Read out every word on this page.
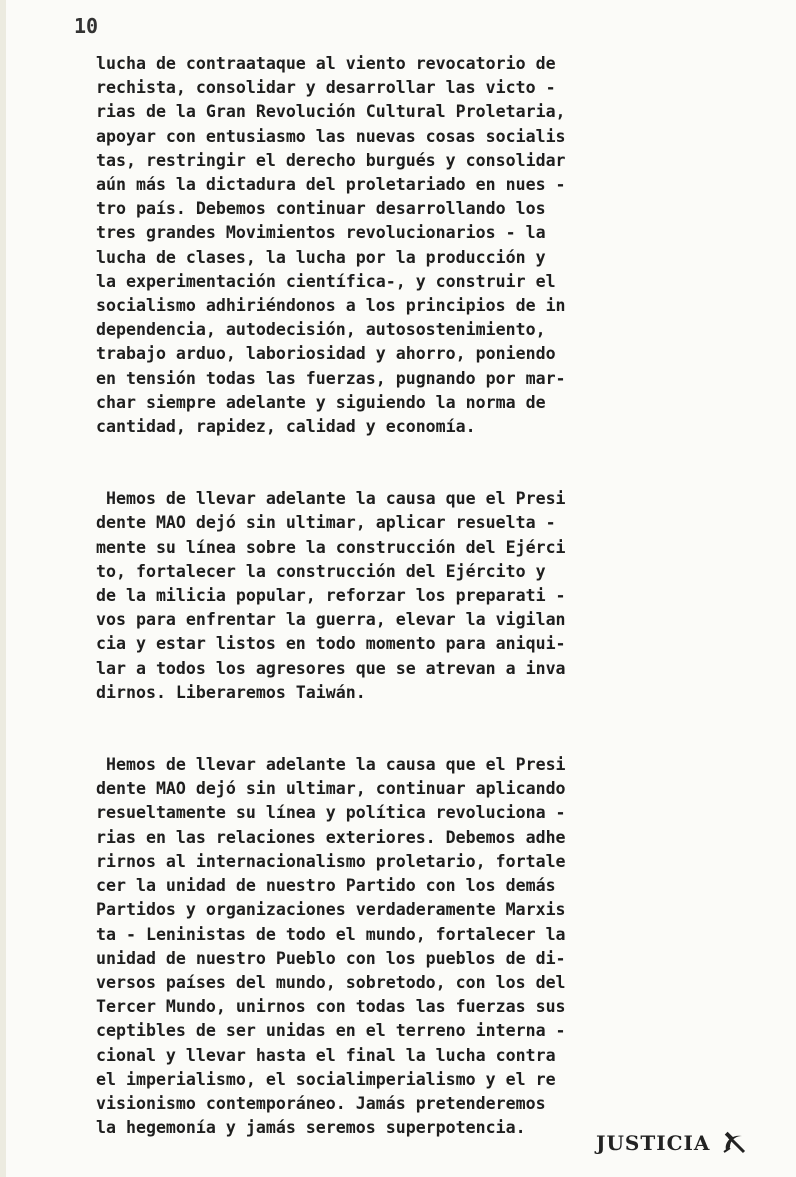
10
lucha de contraataque al viento revocatorio de
rechista, consolidar y desarrollar las victo -
rias de la Gran Revolución Cultural Proletaria,
apoyar con entusiasmo las nuevas cosas socialis
tas, restringir el derecho burgués y consolidar
aún más la dictadura del proletariado en nues -
tro país. Debemos continuar desarrollando los
tres grandes Movimientos revolucionarios - la
lucha de clases, la lucha por la producción y
la experimentación científica-, y construir el
socialismo adhiriéndonos a los principios de in
dependencia, autodecisión, autosostenimiento,
trabajo arduo, laboriosidad y ahorro, poniendo
en tensión todas las fuerzas, pugnando por mar-
char siempre adelante y siguiendo la norma de
cantidad, rapidez, calidad y economía.
Hemos de llevar adelante la causa que el Presi
dente MAO dejó sin ultimar, aplicar resuelta -
mente su línea sobre la construcción del Ejérci
to, fortalecer la construcción del Ejército y
de la milicia popular, reforzar los preparati -
vos para enfrentar la guerra, elevar la vigilan
cia y estar listos en todo momento para aniqui-
lar a todos los agresores que se atrevan a inva
dirnos. Liberaremos Taiwán.
Hemos de llevar adelante la causa que el Presi
dente MAO dejó sin ultimar, continuar aplicando
resueltamente su línea y política revoluciona -
rias en las relaciones exteriores. Debemos adhe
rirnos al internacionalismo proletario, fortale
cer la unidad de nuestro Partido con los demás
Partidos y organizaciones verdaderamente Marxis
ta - Leninistas de todo el mundo, fortalecer la
unidad de nuestro Pueblo con los pueblos de di-
versos países del mundo, sobretodo, con los del
Tercer Mundo, unirnos con todas las fuerzas sus
ceptibles de ser unidas en el terreno interna -
cional y llevar hasta el final la lucha contra
el imperialismo, el socialimperialismo y el re
visionismo contemporáneo. Jamás pretenderemos
la hegemonía y jamás seremos superpotencia.
JUSTICIA
